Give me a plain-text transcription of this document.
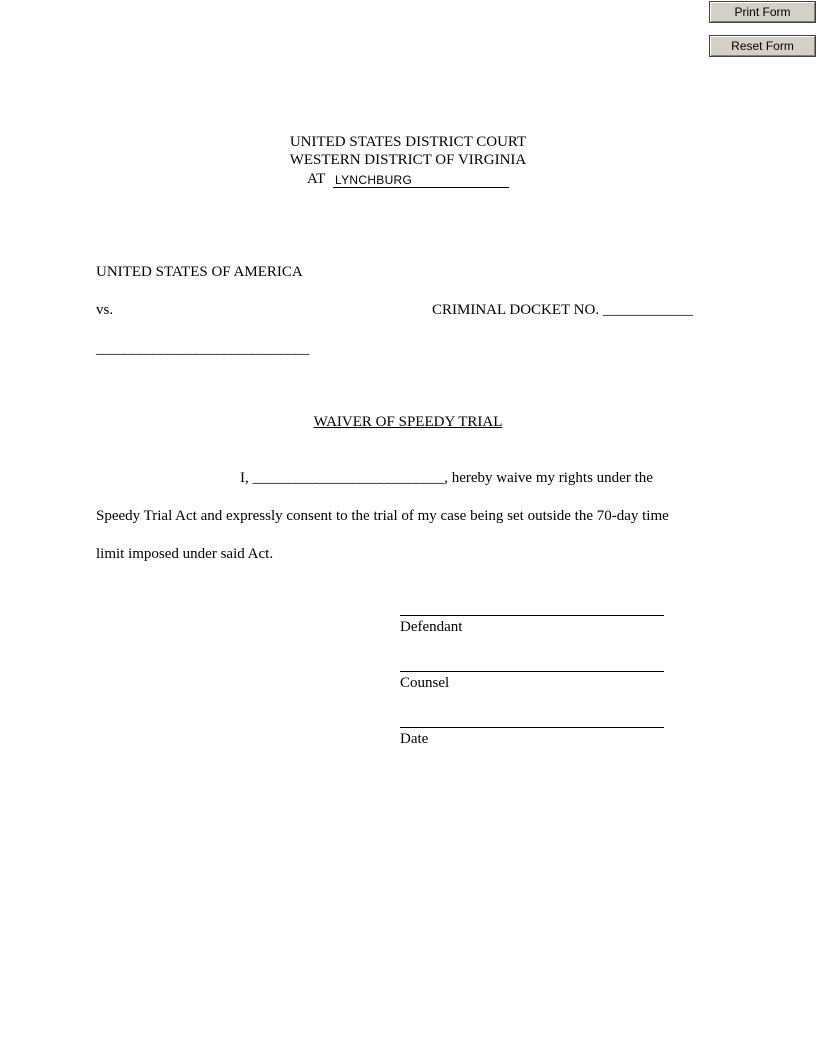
Print Form
Reset Form
UNITED STATES DISTRICT COURT
WESTERN DISTRICT OF VIRGINIA
AT LYNCHBURG
UNITED STATES OF AMERICA
vs.	CRIMINAL DOCKET NO. ____________
______________________________
WAIVER OF SPEEDY TRIAL
I, ___________________________, hereby waive my rights under the
Speedy Trial Act and expressly consent to the trial of my case being set outside the 70-day time
limit imposed under said Act.
Defendant
Counsel
Date
